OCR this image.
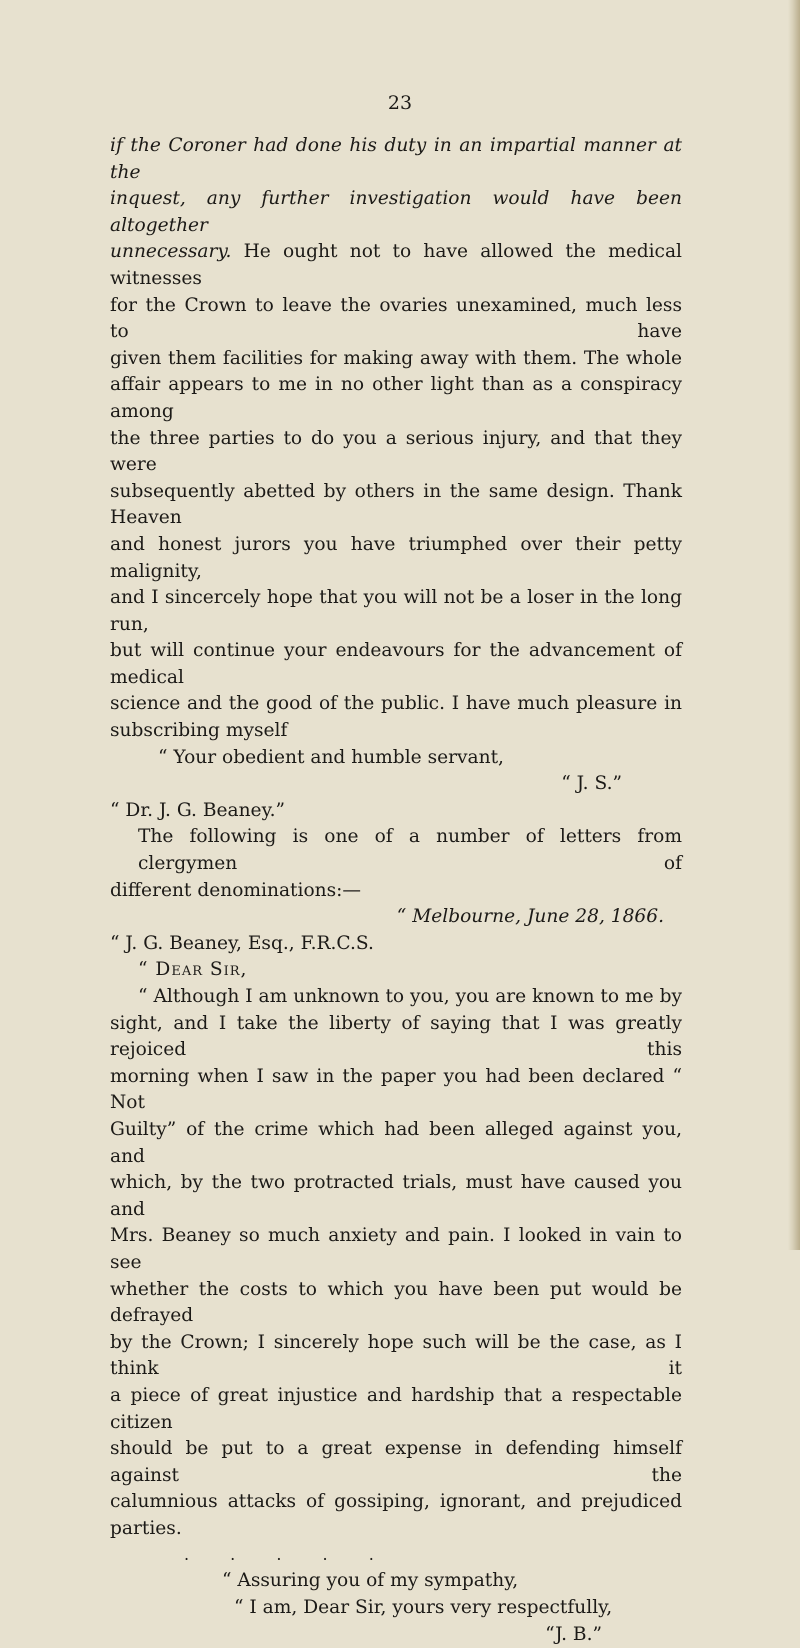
23

if the Coroner had done his duty in an impartial manner at the

inquest, any further investigation would have been altogether

unnecessary. He ought not to have allowed the medical witnesses

for the Crown to leave the ovaries unexamined, much less to have

given them facilities for making away with them. The whole

affair appears to me in no other light than as a conspiracy among

the three parties to do you a serious injury, and that they were

subsequently abetted by others in the same design. Thank Heaven

and honest jurors you have triumphed over their petty malignity,

and I sincercely hope that you will not be a loser in the long run,

but will continue your endeavours for the advancement of medical

science and the good of the public. I have much pleasure in

subscribing myself

“ Your obedient and humble servant,

“ J. S.”

“ Dr. J. G. Beaney.”

The following is one of a number of letters from clergymen of

different denominations:—

“ Melbourne, June 28, 1866.

“ J. G. Beaney, Esq., F.R.C.S.

“ Dear Sir,

“ Although I am unknown to you, you are known to me by

sight, and I take the liberty of saying that I was greatly rejoiced this

morning when I saw in the paper you had been declared “ Not

Guilty” of the crime which had been alleged against you, and

which, by the two protracted trials, must have caused you and

Mrs. Beaney so much anxiety and pain. I looked in vain to see

whether the costs to which you have been put would be defrayed

by the Crown; I sincerely hope such will be the case, as I think it

a piece of great injustice and hardship that a respectable citizen

should be put to a great expense in defending himself against the

calumnious attacks of gossiping, ignorant, and prejudiced parties.

. . . . .

“ Assuring you of my sympathy,

“ I am, Dear Sir, yours very respectfully,

“J. B.”
